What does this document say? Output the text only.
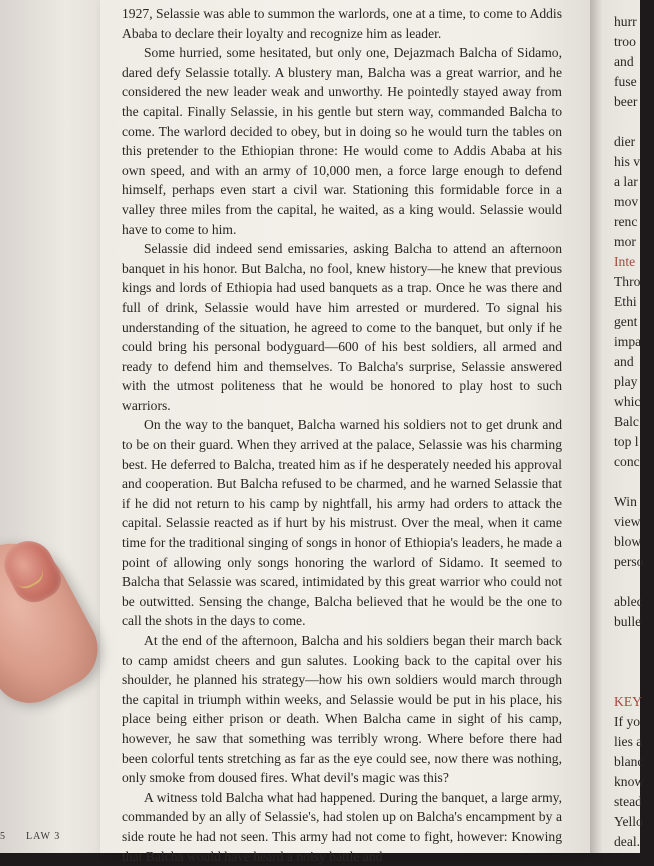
1927, Selassie was able to summon the warlords, one at a time, to come to Addis Ababa to declare their loyalty and recognize him as leader.

Some hurried, some hesitated, but only one, Dejazmach Balcha of Sidamo, dared defy Selassie totally. A blustery man, Balcha was a great warrior, and he considered the new leader weak and unworthy. He pointedly stayed away from the capital. Finally Selassie, in his gentle but stern way, commanded Balcha to come. The warlord decided to obey, but in doing so he would turn the tables on this pretender to the Ethiopian throne: He would come to Addis Ababa at his own speed, and with an army of 10,000 men, a force large enough to defend himself, perhaps even start a civil war. Stationing this formidable force in a valley three miles from the capital, he waited, as a king would. Selassie would have to come to him.

Selassie did indeed send emissaries, asking Balcha to attend an afternoon banquet in his honor. But Balcha, no fool, knew history—he knew that previous kings and lords of Ethiopia had used banquets as a trap. Once he was there and full of drink, Selassie would have him arrested or murdered. To signal his understanding of the situation, he agreed to come to the banquet, but only if he could bring his personal bodyguard—600 of his best soldiers, all armed and ready to defend him and themselves. To Balcha's surprise, Selassie answered with the utmost politeness that he would be honored to play host to such warriors.

On the way to the banquet, Balcha warned his soldiers not to get drunk and to be on their guard. When they arrived at the palace, Selassie was his charming best. He deferred to Balcha, treated him as if he desperately needed his approval and cooperation. But Balcha refused to be charmed, and he warned Selassie that if he did not return to his camp by nightfall, his army had orders to attack the capital. Selassie reacted as if hurt by his mistrust. Over the meal, when it came time for the traditional singing of songs in honor of Ethiopia's leaders, he made a point of allowing only songs honoring the warlord of Sidamo. It seemed to Balcha that Selassie was scared, intimidated by this great warrior who could not be outwitted. Sensing the change, Balcha believed that he would be the one to call the shots in the days to come.

At the end of the afternoon, Balcha and his soldiers began their march back to camp amidst cheers and gun salutes. Looking back to the capital over his shoulder, he planned his strategy—how his own soldiers would march through the capital in triumph within weeks, and Selassie would be put in his place, his place being either prison or death. When Balcha came in sight of his camp, however, he saw that something was terribly wrong. Where before there had been colorful tents stretching as far as the eye could see, now there was nothing, only smoke from doused fires. What devil's magic was this?

A witness told Balcha what had happened. During the banquet, a large army, commanded by an ally of Selassie's, had stolen up on Balcha's encampment by a side route he had not seen. This army had not come to fight, however: Knowing that Balcha would have heard a noisy battle and

5 LAW 3
hurr
troo
and
fuse
beer
dier
his v
a lar
mov
renc
mor
Inte
Thro
Ethi
gent
impa
and
play
whic
Balc
top l
conc
Win
view
blow
perso
ablec
bulle
KEY
If yo
lies a
blanc
know
stead
Yello
deal.
